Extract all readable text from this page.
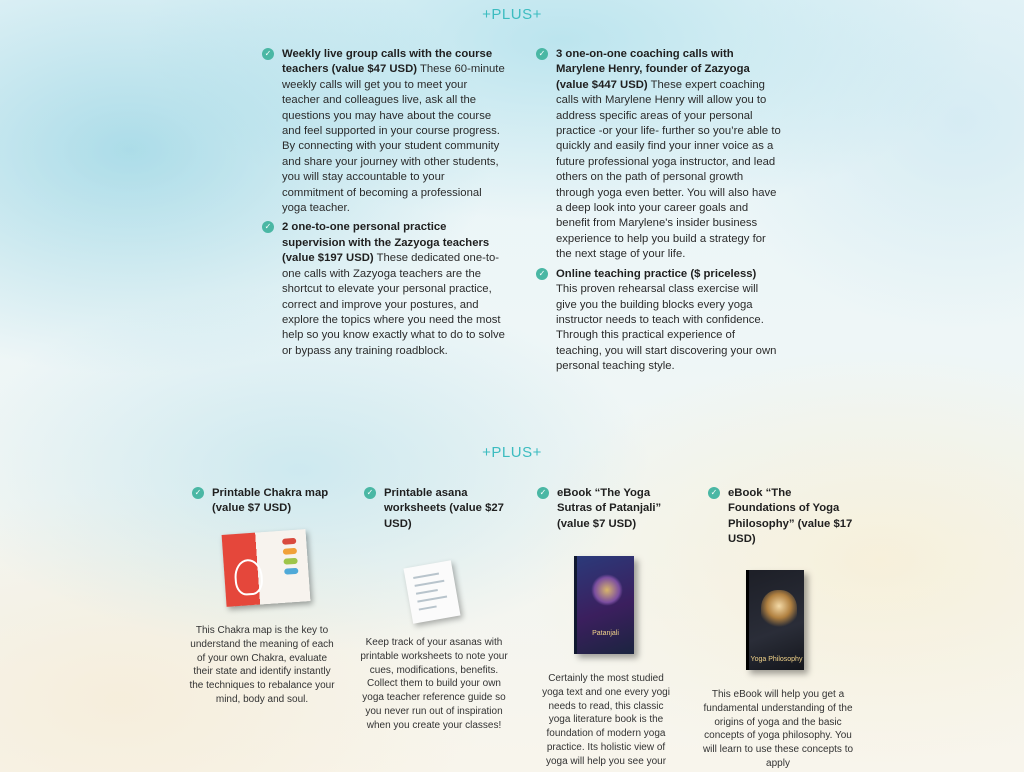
+PLUS+
✓ Weekly live group calls with the course teachers (value $47 USD) These 60-minute weekly calls will get you to meet your teacher and colleagues live, ask all the questions you may have about the course and feel supported in your course progress. By connecting with your student community and share your journey with other students, you will stay accountable to your commitment of becoming a professional yoga teacher.
✓ 2 one-to-one personal practice supervision with the Zazyoga teachers (value $197 USD) These dedicated one-to-one calls with Zazyoga teachers are the shortcut to elevate your personal practice, correct and improve your postures, and explore the topics where you need the most help so you know exactly what to do to solve or bypass any training roadblock.
✓ 3 one-on-one coaching calls with Marylene Henry, founder of Zazyoga (value $447 USD) These expert coaching calls with Marylene Henry will allow you to address specific areas of your personal practice -or your life- further so you’re able to quickly and easily find your inner voice as a future professional yoga instructor, and lead others on the path of personal growth through yoga even better. You will also have a deep look into your career goals and benefit from Marylene's insider business experience to help you build a strategy for the next stage of your life.
✓ Online teaching practice ($ priceless)
This proven rehearsal class exercise will give you the building blocks every yoga instructor needs to teach with confidence. Through this practical experience of teaching, you will start discovering your own personal teaching style.
+PLUS+
✓ Printable Chakra map (value $7 USD)
This Chakra map is the key to understand the meaning of each of your own Chakra, evaluate their state and identify instantly the techniques to rebalance your mind, body and soul.
✓ Printable asana worksheets (value $27 USD)
Keep track of your asanas with printable worksheets to note your cues, modifications, benefits. Collect them to build your own yoga teacher reference guide so you never run out of inspiration when you create your classes!
✓ eBook “The Yoga Sutras of Patanjali” (value $7 USD)
Patanjali
Certainly the most studied yoga text and one every yogi needs to read, this classic yoga literature book is the foundation of modern yoga practice. Its holistic view of yoga will help you see your
✓ eBook “The Foundations of Yoga Philosophy” (value $17 USD)
Yoga Philosophy
This eBook will help you get a fundamental understanding of the origins of yoga and the basic concepts of yoga philosophy. You will learn to use these concepts to apply
